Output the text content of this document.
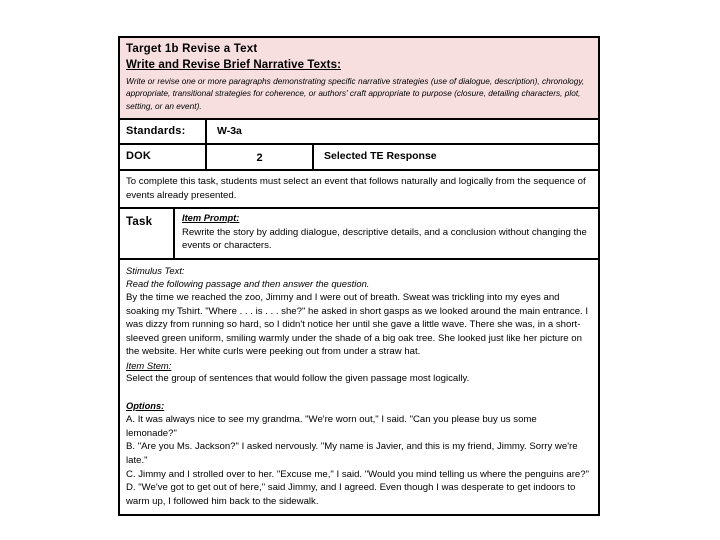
Target 1b Revise a Text
Write and Revise Brief Narrative Texts:
Write or revise one or more paragraphs demonstrating specific narrative strategies (use of dialogue, description), chronology, appropriate, transitional strategies for coherence, or authors' craft appropriate to purpose (closure, detailing characters, plot, setting, or an event).
Standards:	W-3a
DOK	2	Selected TE Response
To complete this task, students must select an event that follows naturally and logically from the sequence of events already presented.
Task	Item Prompt:
Rewrite the story by adding dialogue, descriptive details, and a conclusion without changing the events or characters.
Stimulus Text:
Read the following passage and then answer the question.
By the time we reached the zoo, Jimmy and I were out of breath. Sweat was trickling into my eyes and soaking my Tshirt. "Where . . . is . . . she?" he asked in short gasps as we looked around the main entrance. I was dizzy from running so hard, so I didn't notice her until she gave a little wave. There she was, in a short-sleeved green uniform, smiling warmly under the shade of a big oak tree. She looked just like her picture on the website. Her white curls were peeking out from under a straw hat.
Item Stem:
Select the group of sentences that would follow the given passage most logically.
Options:
A. It was always nice to see my grandma. "We're worn out," I said. "Can you please buy us some lemonade?"
B. "Are you Ms. Jackson?" I asked nervously. "My name is Javier, and this is my friend, Jimmy. Sorry we're late."
C. Jimmy and I strolled over to her. "Excuse me," I said. "Would you mind telling us where the penguins are?"
D. "We've got to get out of here," said Jimmy, and I agreed. Even though I was desperate to get indoors to warm up, I followed him back to the sidewalk.
